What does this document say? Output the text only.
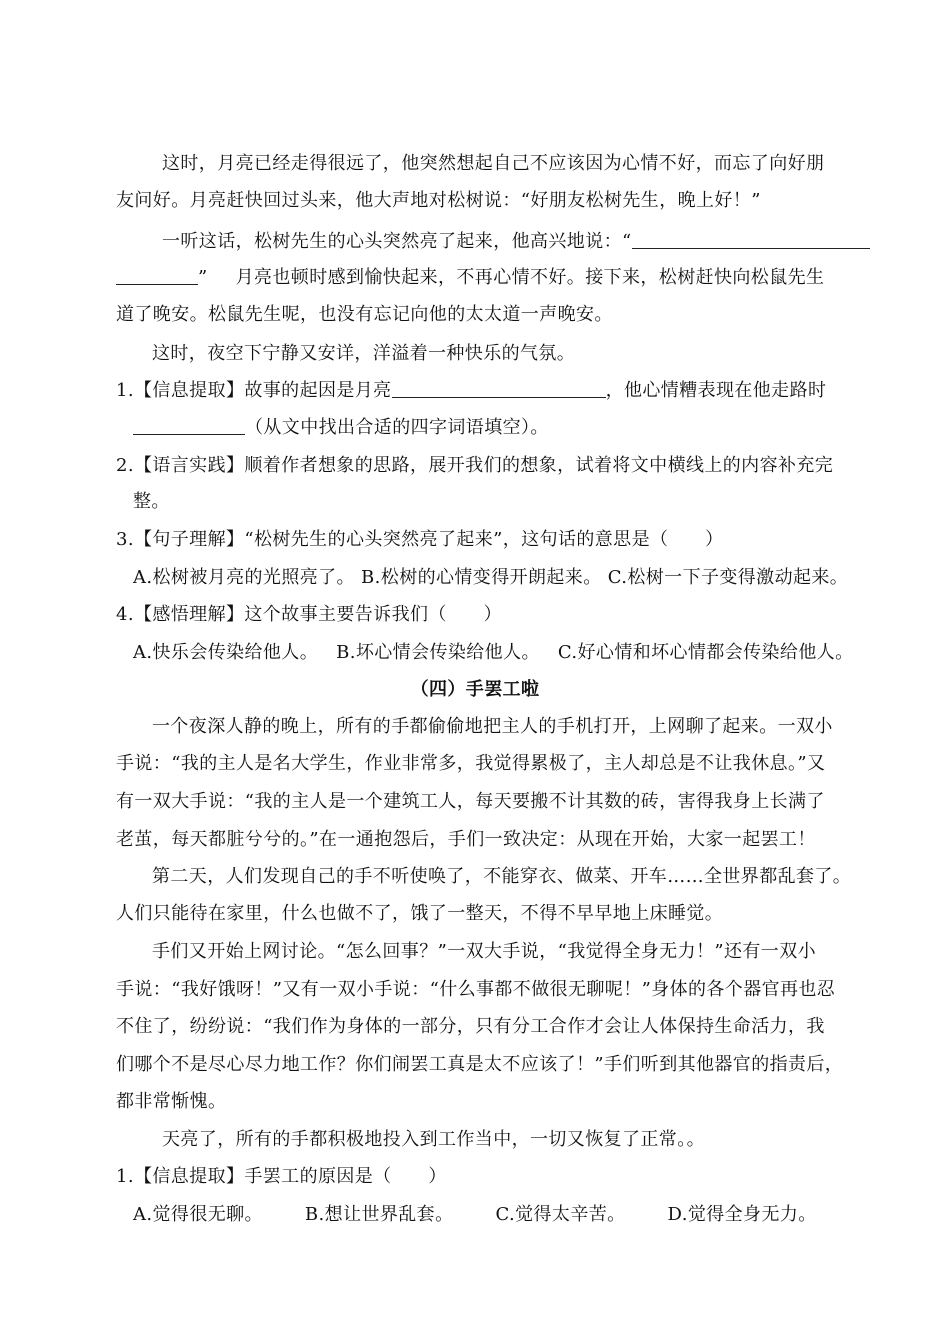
这时，月亮已经走得很远了，他突然想起自己不应该因为心情不好，而忘了向好朋
友问好。月亮赶快回过头来，他大声地对松树说：“好朋友松树先生，晚上好！”
一听这话，松树先生的心头突然亮了起来，他高兴地说：“
” 月亮也顿时感到愉快起来，不再心情不好。接下来，松树赶快向松鼠先生
道了晚安。松鼠先生呢，也没有忘记向他的太太道一声晚安。
这时，夜空下宁静又安详，洋溢着一种快乐的气氛。
1.【信息提取】故事的起因是月亮	，他心情糟表现在他走路时
（从文中找出合适的四字词语填空）。
2.【语言实践】顺着作者想象的思路，展开我们的想象，试着将文中横线上的内容补充完
整。
3.【句子理解】“松树先生的心头突然亮了起来”，这句话的意思是（　　）
A.松树被月亮的光照亮了。 B.松树的心情变得开朗起来。 C.松树一下子变得激动起来。
4.【感悟理解】这个故事主要告诉我们（　　）
A.快乐会传染给他人。 B.坏心情会传染给他人。 C.好心情和坏心情都会传染给他人。
（四）手罢工啦
一个夜深人静的晚上，所有的手都偷偷地把主人的手机打开，上网聊了起来。一双小
手说：“我的主人是名大学生，作业非常多，我觉得累极了，主人却总是不让我休息。”又
有一双大手说：“我的主人是一个建筑工人，每天要搬不计其数的砖，害得我身上长满了
老茧，每天都脏兮兮的。”在一通抱怨后，手们一致决定：从现在开始，大家一起罢工！
第二天，人们发现自己的手不听使唤了，不能穿衣、做菜、开车……全世界都乱套了。
人们只能待在家里，什么也做不了，饿了一整天，不得不早早地上床睡觉。
手们又开始上网讨论。“怎么回事？”一双大手说，“我觉得全身无力！”还有一双小
手说：“我好饿呀！”又有一双小手说：“什么事都不做很无聊呢！”身体的各个器官再也忍
不住了，纷纷说：“我们作为身体的一部分，只有分工合作才会让人体保持生命活力，我
们哪个不是尽心尽力地工作？你们闹罢工真是太不应该了！”手们听到其他器官的指责后，
都非常惭愧。
天亮了，所有的手都积极地投入到工作当中，一切又恢复了正常。。
1.【信息提取】手罢工的原因是（　　）
A.觉得很无聊。 B.想让世界乱套。 C.觉得太辛苦。 D.觉得全身无力。
